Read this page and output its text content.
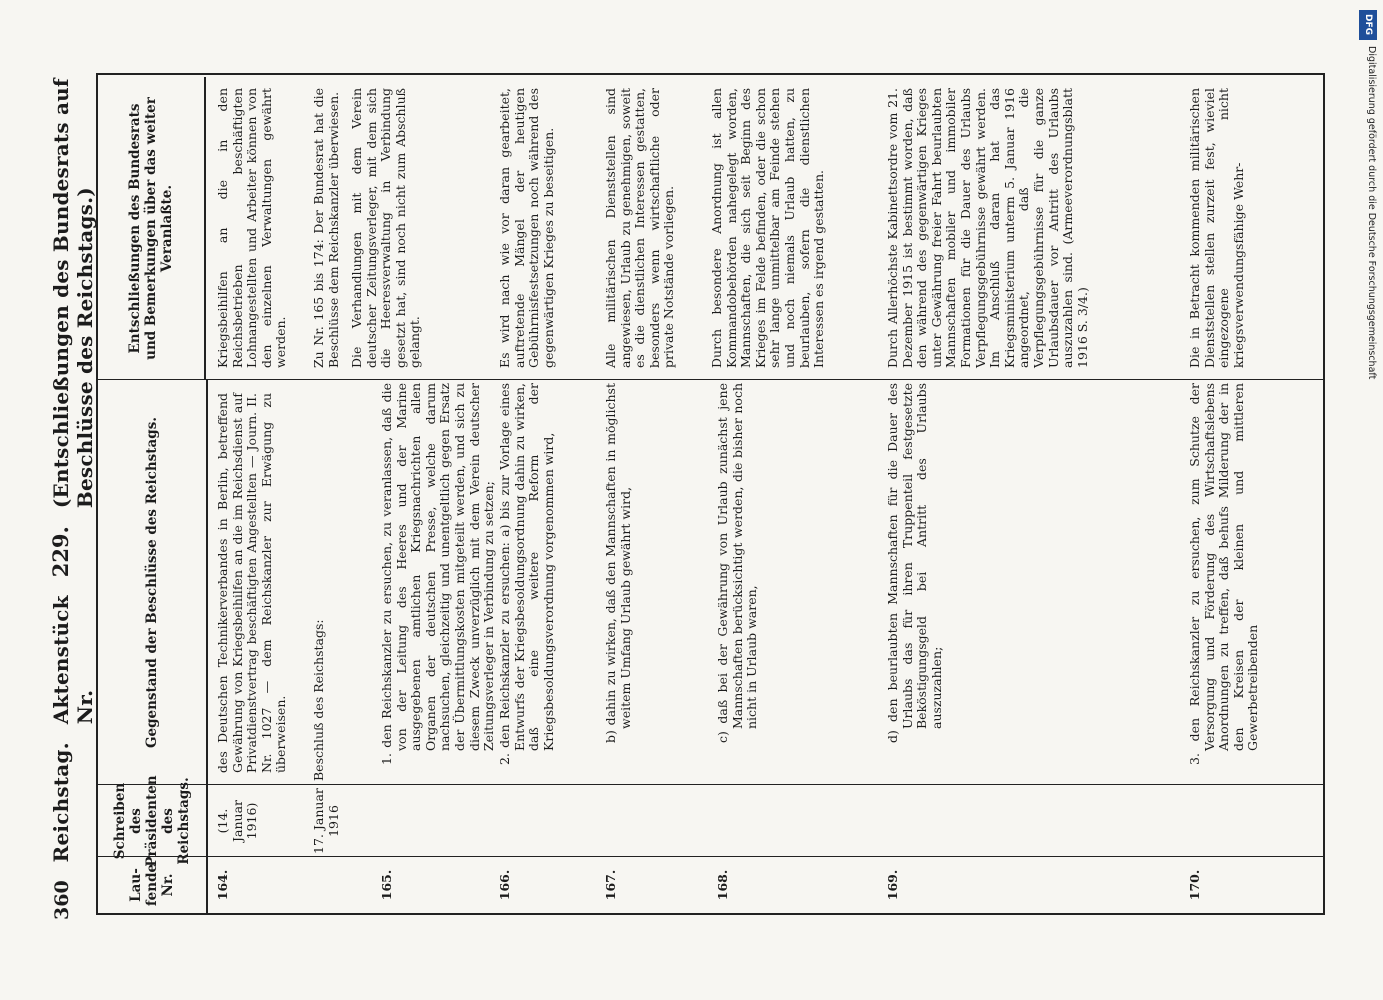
360
Reichstag.
Aktenstück Nr.
229.
(Entschließungen des Bundesrats auf Beschlüsse des Reichstags.)
Lau-fende Nr.
Schreiben des Präsidenten des Reichstags.
Gegenstand der Beschlüsse des Reichstags.
Entschließungen des Bundesrats und Bemerkungen über das weiter Veranlaßte.
164.
(14. Januar 1916)
des Deutschen Technikerverbandes in Berlin, betreffend Gewährung von Kriegsbeihilfen an die im Reichsdienst auf Privatdienstvertrag beschäftigten Angestellten — Journ. II. Nr. 1027 — dem Reichskanzler zur Erwägung zu überweisen.
Kriegsbeihilfen an die in den Reichsbetrieben beschäftigten Lohnangestellten und Arbeiter können von den einzelnen Verwaltungen gewährt werden.
17. Januar 1916
Beschluß des Reichstags:
Zu Nr. 165 bis 174: Der Bundesrat hat die Beschlüsse dem Reichskanzler überwiesen.
165.
1. den Reichskanzler zu ersuchen, zu veranlassen, daß die von der Leitung des Heeres und der Marine ausgegebenen amtlichen Kriegsnachrichten allen Organen der deutschen Presse, welche darum nachsuchen, gleichzeitig und unentgeltlich gegen Ersatz der Übermittlungskosten mitgeteilt werden, und sich zu diesem Zweck unverzüglich mit dem Verein deutscher Zeitungsverleger in Verbindung zu setzen;
Die Verhandlungen mit dem Verein deutscher Zeitungsverleger, mit dem sich die Heeresverwaltung in Verbindung gesetzt hat, sind noch nicht zum Abschluß gelangt.
166.
2. den Reichskanzler zu ersuchen: a) bis zur Vorlage eines Entwurfs der Kriegsbesoldungsordnung dahin zu wirken, daß eine weitere Reform der Kriegsbesoldungsverordnung vorgenommen wird,
Es wird nach wie vor daran gearbeitet, auftretende Mängel der heutigen Gebührnisfestsetzungen noch während des gegenwärtigen Krieges zu beseitigen.
167.
b) dahin zu wirken, daß den Mannschaften in möglichst weitem Umfang Urlaub gewährt wird,
Alle militärischen Dienststellen sind angewiesen, Urlaub zu genehmigen, soweit es die dienstlichen Interessen gestatten, besonders wenn wirtschaftliche oder private Notstände vorliegen.
168.
c) daß bei der Gewährung von Urlaub zunächst jene Mannschaften berücksichtigt werden, die bisher noch nicht in Urlaub waren,
Durch besondere Anordnung ist allen Kommandobehörden nahegelegt worden, Mannschaften, die sich seit Beginn des Krieges im Felde befinden, oder die schon sehr lange unmittelbar am Feinde stehen und noch niemals Urlaub hatten, zu beurlauben, sofern die dienstlichen Interessen es irgend gestatten.
169.
d) den beurlaubten Mannschaften für die Dauer des Urlaubs das für ihren Truppenteil festgesetzte Beköstigungsgeld bei Antritt des Urlaubs auszuzahlen;
Durch Allerhöchste Kabinettsordre vom 21. Dezember 1915 ist bestimmt worden, daß den während des gegenwärtigen Krieges unter Gewährung freier Fahrt beurlaubten Mannschaften mobiler und immobiler Formationen für die Dauer des Urlaubs Verpflegungsgebührnisse gewährt werden. Im Anschluß daran hat das Kriegsministerium unterm 5. Januar 1916 angeordnet, daß die Verpflegungsgebührnisse für die ganze Urlaubsdauer vor Antritt des Urlaubs auszuzahlen sind. (Armeeverordnungsblatt 1916 S. 3/4.)
170.
3. den Reichskanzler zu ersuchen, zum Schutze der Versorgung und Förderung des Wirtschaftslebens Anordnungen zu treffen, daß behufs Milderung der in den Kreisen der kleinen und mittleren Gewerbetreibenden
Die in Betracht kommenden militärischen Dienststellen stellen zurzeit fest, wieviel eingezogene nicht kriegsverwendungsfähige Wehr-
DFG
Digitalisierung gefördert durch die Deutsche Forschungsgemeinschaft
